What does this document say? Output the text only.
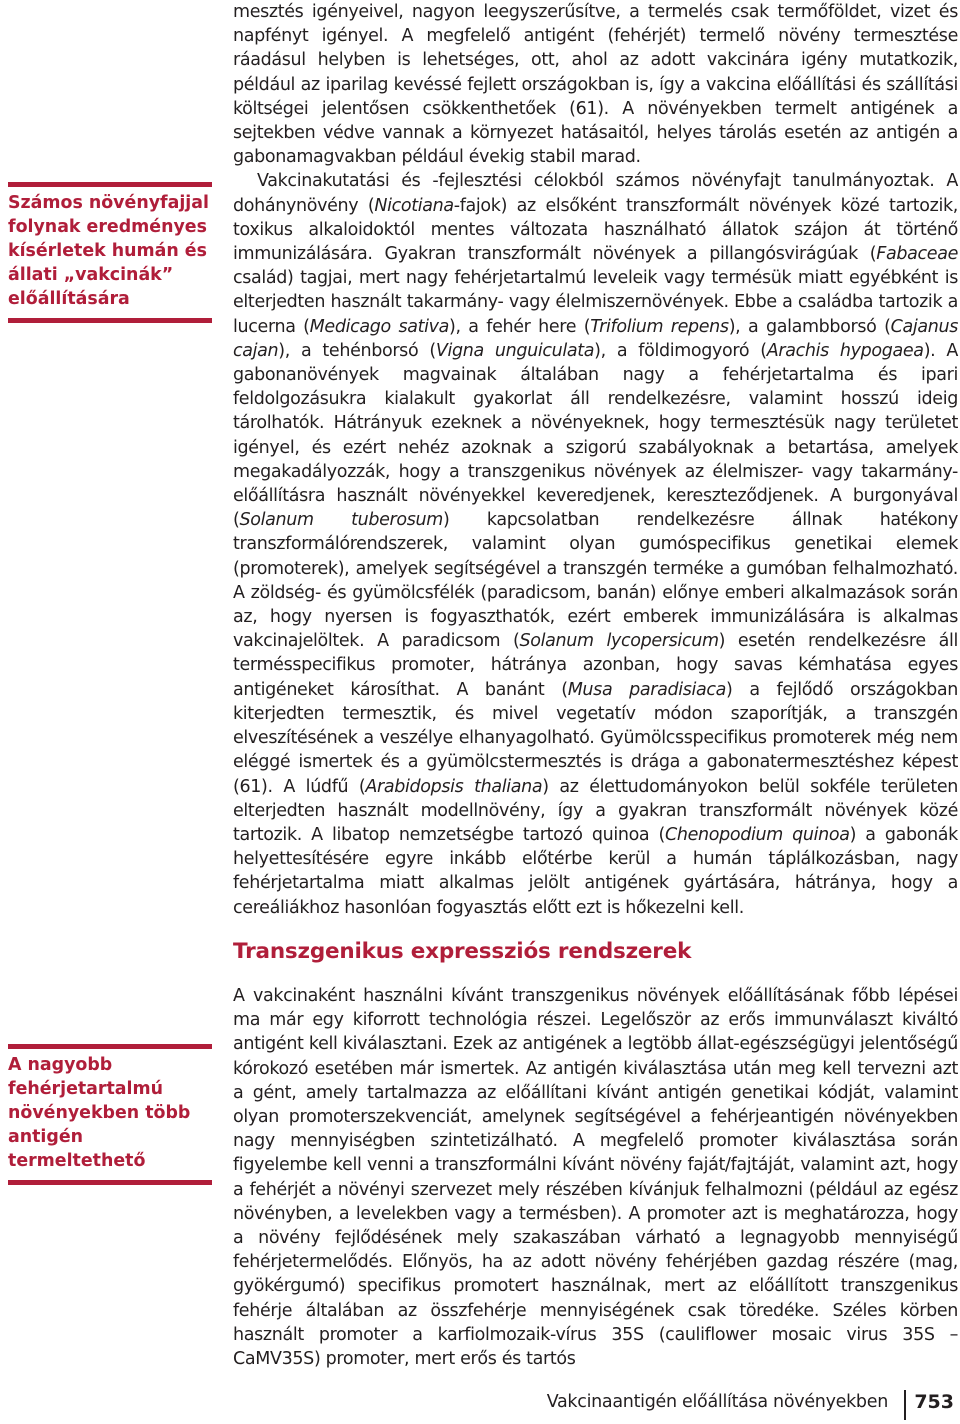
Számos növényfajjal folynak eredményes kísérletek humán és állati „vakcinák” előállítására
A nagyobb fehérjetartalmú növényekben több antigén termeltethető

mesztés igényeivel, nagyon leegyszerűsítve, a termelés csak termőföldet, vizet és napfényt igényel. A megfelelő antigént (fehérjét) termelő növény termesztése ráadásul helyben is lehetséges, ott, ahol az adott vakcinára igény mutatkozik, például az iparilag kevéssé fejlett országokban is, így a vakcina előállítási és szállítási költségei jelentősen csökkenthetőek (61). A növényekben termelt antigének a sejtekben védve vannak a környezet hatásaitól, helyes tárolás esetén az antigén a gabonamagvakban például évekig stabil marad.

Vakcinakutatási és -fejlesztési célokból számos növényfajt tanulmányoztak. A dohánynövény (Nicotiana-fajok) az elsőként transzformált növények közé tartozik, toxikus alkaloidoktól mentes változata használható állatok szájon át történő immunizálására. Gyakran transzformált növények a pillangósvirágúak (Fabaceae család) tagjai, mert nagy fehérjetartalmú leveleik vagy termésük miatt egyébként is elterjedten használt takarmány- vagy élelmiszernövények. Ebbe a családba tartozik a lucerna (Medicago sativa), a fehér here (Trifolium repens), a galambborsó (Cajanus cajan), a tehénborsó (Vigna unguiculata), a földimogyoró (Arachis hypogaea). A gabonanövények magvainak általában nagy a fehérjetartalma és ipari feldolgozásukra kialakult gyakorlat áll rendelkezésre, valamint hosszú ideig tárolhatók. Hátrányuk ezeknek a növényeknek, hogy termesztésük nagy területet igényel, és ezért nehéz azoknak a szigorú szabályoknak a betartása, amelyek megakadályozzák, hogy a transzgenikus növények az élelmiszer- vagy takarmány-előállításra használt növényekkel keveredjenek, kereszteződjenek. A burgonyával (Solanum tuberosum) kapcsolatban rendelkezésre állnak hatékony transzformálórendszerek, valamint olyan gumóspecifikus genetikai elemek (promoterek), amelyek segítségével a transzgén terméke a gumóban felhalmozható. A zöldség- és gyümölcsfélék (paradicsom, banán) előnye emberi alkalmazások során az, hogy nyersen is fogyaszthatók, ezért emberek immunizálására is alkalmas vakcinajelöltek. A paradicsom (Solanum lycopersicum) esetén rendelkezésre áll termésspecifikus promoter, hátránya azonban, hogy savas kémhatása egyes antigéneket károsíthat. A banánt (Musa paradisiaca) a fejlődő országokban kiterjedten termesztik, és mivel vegetatív módon szaporítják, a transzgén elveszítésének a veszélye elhanyagolható. Gyümölcsspecifikus promoterek még nem eléggé ismertek és a gyümölcstermesztés is drága a gabonatermesztéshez képest (61). A lúdfű (Arabidopsis thaliana) az élettudományokon belül sokféle területen elterjedten használt modellnövény, így a gyakran transzformált növények közé tartozik. A libatop nemzetségbe tartozó quinoa (Chenopodium quinoa) a gabonák helyettesítésére egyre inkább előtérbe kerül a humán táplálkozásban, nagy fehérjetartalma miatt alkalmas jelölt antigének gyártására, hátránya, hogy a cereáliákhoz hasonlóan fogyasztás előtt ezt is hőkezelni kell.

Transzgenikus expressziós rendszerek

A vakcinaként használni kívánt transzgenikus növények előállításának főbb lépései ma már egy kiforrott technológia részei. Legelőször az erős immunválaszt kiváltó antigént kell kiválasztani. Ezek az antigének a legtöbb állat-egészségügyi jelentőségű kórokozó esetében már ismertek. Az antigén kiválasztása után meg kell tervezni azt a gént, amely tartalmazza az előállítani kívánt antigén genetikai kódját, valamint olyan promoterszekvenciát, amelynek segítségével a fehérjeantigén növényekben nagy mennyiségben szintetizálható. A megfelelő promoter kiválasztása során figyelembe kell venni a transzformálni kívánt növény faját/fajtáját, valamint azt, hogy a fehérjét a növényi szervezet mely részében kívánjuk felhalmozni (például az egész növényben, a levelekben vagy a termésben). A promoter azt is meghatározza, hogy a növény fejlődésének mely szakaszában várható a legnagyobb mennyiségű fehérjetermelődés. Előnyös, ha az adott növény fehérjében gazdag részére (mag, gyökérgumó) specifikus promotert használnak, mert az előállított transzgenikus fehérje általában az összfehérje mennyiségének csak töredéke. Széles körben használt promoter a karfiolmozaik-vírus 35S (cauliflower mosaic virus 35S – CaMV35S) promoter, mert erős és tartós

Vakcinaantigén előállítása növényekben 753
